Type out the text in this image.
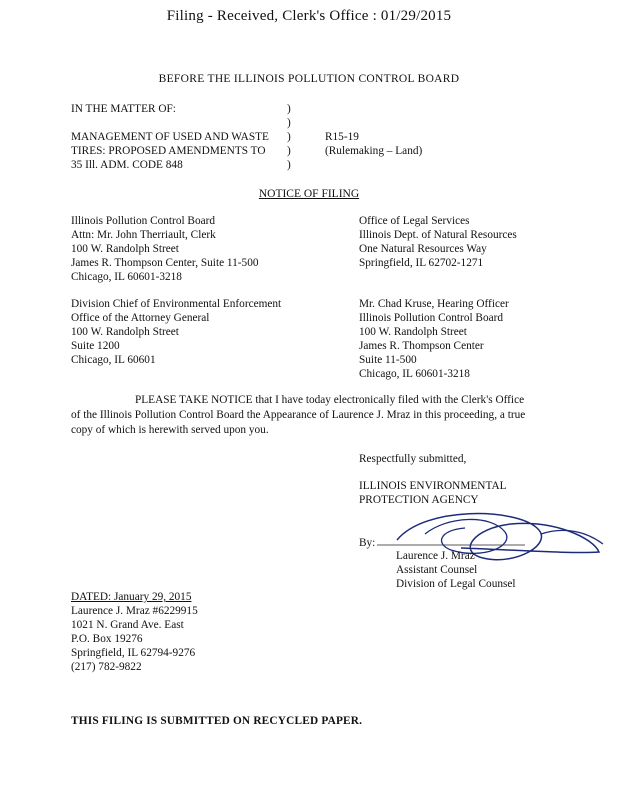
Filing - Received, Clerk's Office : 01/29/2015
BEFORE THE ILLINOIS POLLUTION CONTROL BOARD
IN THE MATTER OF:
MANAGEMENT OF USED AND WASTE
TIRES: PROPOSED AMENDMENTS TO
35 Ill. ADM. CODE 848
)
)
)
)
)
R15-19
(Rulemaking – Land)
NOTICE OF FILING
Illinois Pollution Control Board
Attn: Mr. John Therriault, Clerk
100 W. Randolph Street
James R. Thompson Center, Suite 11-500
Chicago, IL 60601-3218
Office of Legal Services
Illinois Dept. of Natural Resources
One Natural Resources Way
Springfield, IL 62702-1271
Division Chief of Environmental Enforcement
Office of the Attorney General
100 W. Randolph Street
Suite 1200
Chicago, IL 60601
Mr. Chad Kruse, Hearing Officer
Illinois Pollution Control Board
100 W. Randolph Street
James R. Thompson Center
Suite 11-500
Chicago, IL 60601-3218
PLEASE TAKE NOTICE that I have today electronically filed with the Clerk's Office of the Illinois Pollution Control Board the Appearance of Laurence J. Mraz in this proceeding, a true copy of which is herewith served upon you.
Respectfully submitted,
ILLINOIS ENVIRONMENTAL
PROTECTION AGENCY
By:
Laurence J. Mraz
Assistant Counsel
Division of Legal Counsel
DATED: January 29, 2015
Laurence J. Mraz #6229915
1021 N. Grand Ave. East
P.O. Box 19276
Springfield, IL 62794-9276
(217) 782-9822
THIS FILING IS SUBMITTED ON RECYCLED PAPER.
